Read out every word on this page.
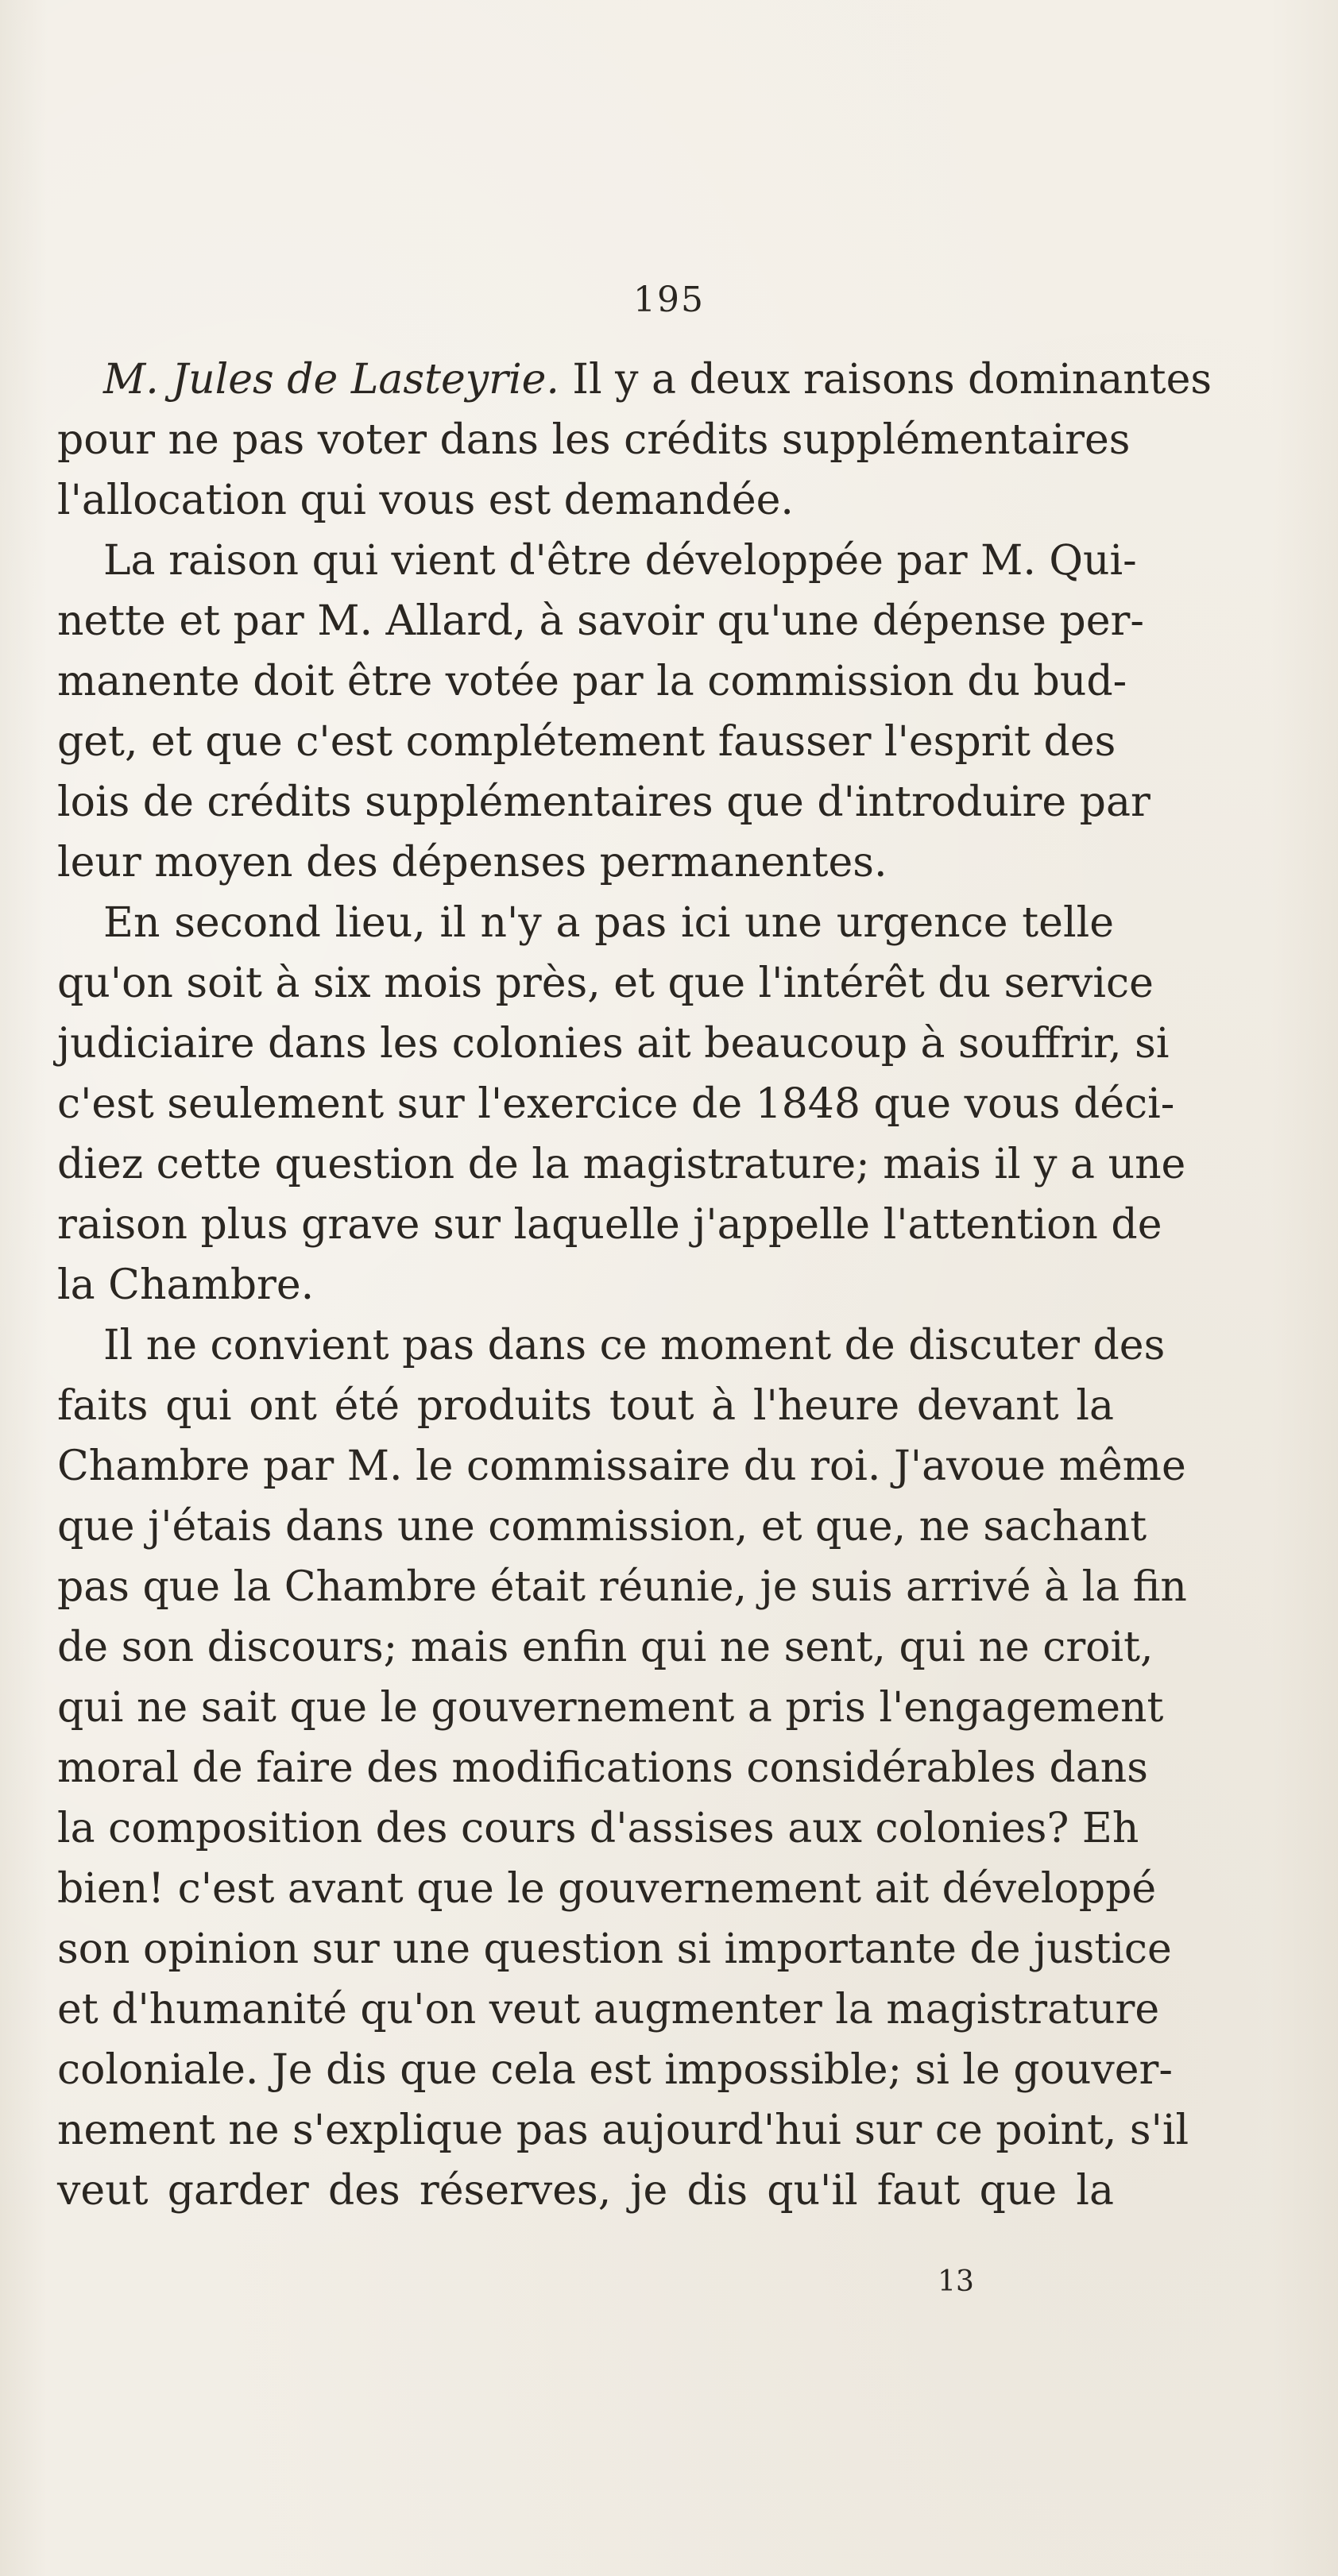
195
M. Jules de Lasteyrie. Il y a deux raisons dominantes
pour ne pas voter dans les crédits supplémentaires
l'allocation qui vous est demandée.
La raison qui vient d'être développée par M. Qui-
nette et par M. Allard, à savoir qu'une dépense per-
manente doit être votée par la commission du bud-
get, et que c'est complétement fausser l'esprit des
lois de crédits supplémentaires que d'introduire par
leur moyen des dépenses permanentes.
En second lieu, il n'y a pas ici une urgence telle
qu'on soit à six mois près, et que l'intérêt du service
judiciaire dans les colonies ait beaucoup à souffrir, si
c'est seulement sur l'exercice de 1848 que vous déci-
diez cette question de la magistrature; mais il y a une
raison plus grave sur laquelle j'appelle l'attention de
la Chambre.
Il ne convient pas dans ce moment de discuter des
faits qui ont été produits tout à l'heure devant la
Chambre par M. le commissaire du roi. J'avoue même
que j'étais dans une commission, et que, ne sachant
pas que la Chambre était réunie, je suis arrivé à la fin
de son discours; mais enfin qui ne sent, qui ne croit,
qui ne sait que le gouvernement a pris l'engagement
moral de faire des modifications considérables dans
la composition des cours d'assises aux colonies? Eh
bien! c'est avant que le gouvernement ait développé
son opinion sur une question si importante de justice
et d'humanité qu'on veut augmenter la magistrature
coloniale. Je dis que cela est impossible; si le gouver-
nement ne s'explique pas aujourd'hui sur ce point, s'il
veut garder des réserves, je dis qu'il faut que la
13
